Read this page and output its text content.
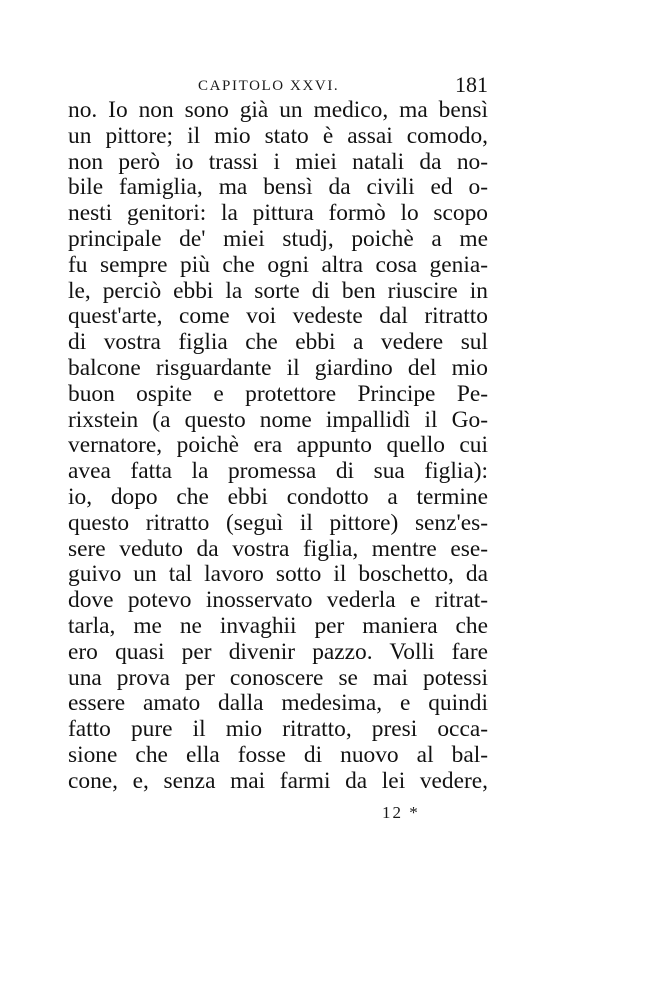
CAPITOLO XXVI.	181
no. Io non sono già un medico, ma bensì
un pittore; il mio stato è assai comodo,
non però io trassi i miei natali da no-
bile famiglia, ma bensì da civili ed o-
nesti genitori: la pittura formò lo scopo
principale de' miei studj, poichè a me
fu sempre più che ogni altra cosa genia-
le, perciò ebbi la sorte di ben riuscire in
quest'arte, come voi vedeste dal ritratto
di vostra figlia che ebbi a vedere sul
balcone risguardante il giardino del mio
buon ospite e protettore Principe Pe-
rixstein (a questo nome impallidì il Go-
vernatore, poichè era appunto quello cui
avea fatta la promessa di sua figlia):
io, dopo che ebbi condotto a termine
questo ritratto (seguì il pittore) senz'es-
sere veduto da vostra figlia, mentre ese-
guivo un tal lavoro sotto il boschetto, da
dove potevo inosservato vederla e ritrat-
tarla, me ne invaghii per maniera che
ero quasi per divenir pazzo. Volli fare
una prova per conoscere se mai potessi
essere amato dalla medesima, e quindi
fatto pure il mio ritratto, presi occa-
sione che ella fosse di nuovo al bal-
cone, e, senza mai farmi da lei vedere,
12 *
